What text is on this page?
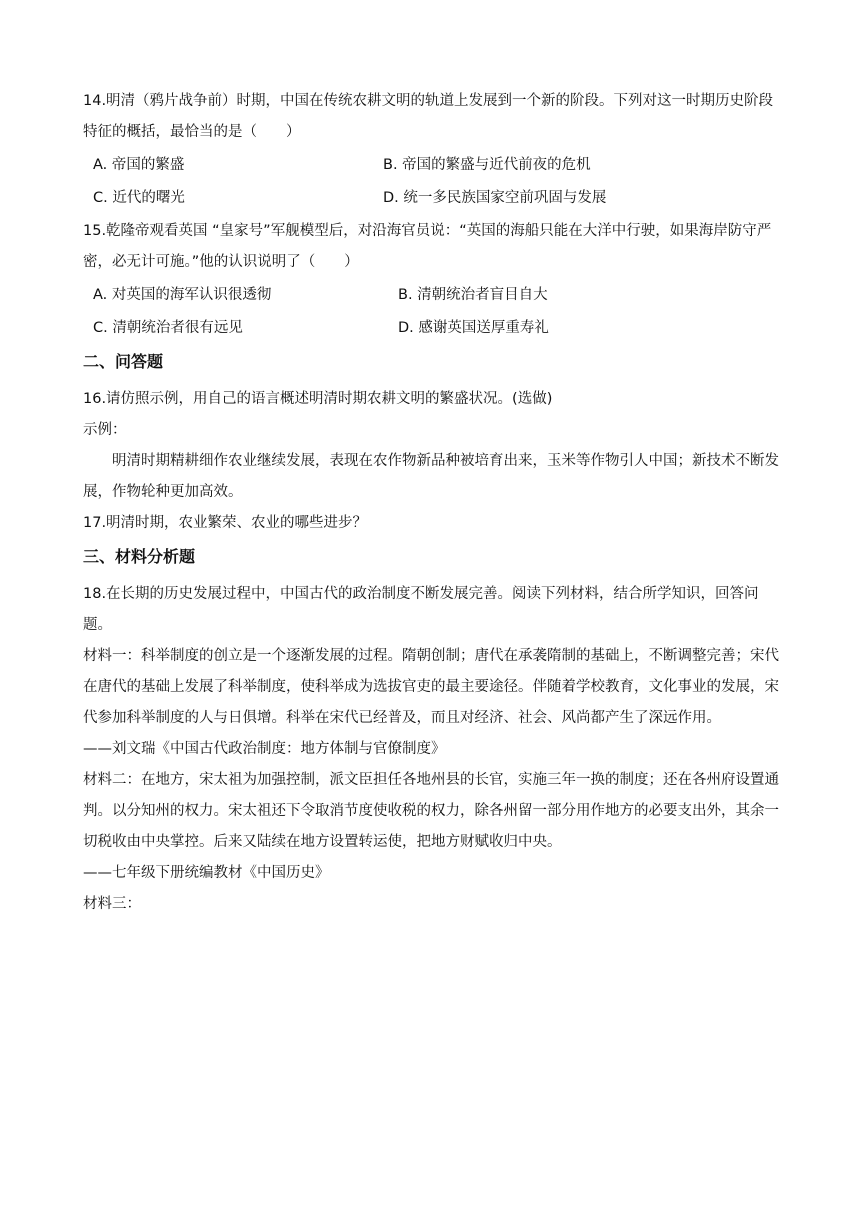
14.明清（鸦片战争前）时期，中国在传统农耕文明的轨道上发展到一个新的阶段。下列对这一时期历史阶段特征的概括，最恰当的是（　　）

A. 帝国的繁盛	B. 帝国的繁盛与近代前夜的危机
C. 近代的曙光	D. 统一多民族国家空前巩固与发展

15.乾隆帝观看英国 “皇家号”军舰模型后，对沿海官员说：“英国的海船只能在大洋中行驶，如果海岸防守严密，必无计可施。”他的认识说明了（　　）

A. 对英国的海军认识很透彻	B. 清朝统治者盲目自大
C. 清朝统治者很有远见	D. 感谢英国送厚重寿礼
二、问答题

16.请仿照示例，用自己的语言概述明清时期农耕文明的繁盛状况。(选做)

示例：

明清时期精耕细作农业继续发展，表现在农作物新品种被培育出来，玉米等作物引人中国；新技术不断发展，作物轮种更加高效。

17.明清时期，农业繁荣、农业的哪些进步？

三、材料分析题

18.在长期的历史发展过程中，中国古代的政治制度不断发展完善。阅读下列材料，结合所学知识，回答问题。

材料一：科举制度的创立是一个逐渐发展的过程。隋朝创制；唐代在承袭隋制的基础上，不断调整完善；宋代在唐代的基础上发展了科举制度，使科举成为选拔官吏的最主要途径。伴随着学校教育，文化事业的发展，宋代参加科举制度的人与日俱增。科举在宋代已经普及，而且对经济、社会、风尚都产生了深远作用。

——刘文瑞《中国古代政治制度：地方体制与官僚制度》

材料二：在地方，宋太祖为加强控制，派文臣担任各地州县的长官，实施三年一换的制度；还在各州府设置通判。以分知州的权力。宋太祖还下令取消节度使收税的权力，除各州留一部分用作地方的必要支出外，其余一切税收由中央掌控。后来又陆续在地方设置转运使，把地方财赋收归中央。

——七年级下册统编教材《中国历史》

材料三：
